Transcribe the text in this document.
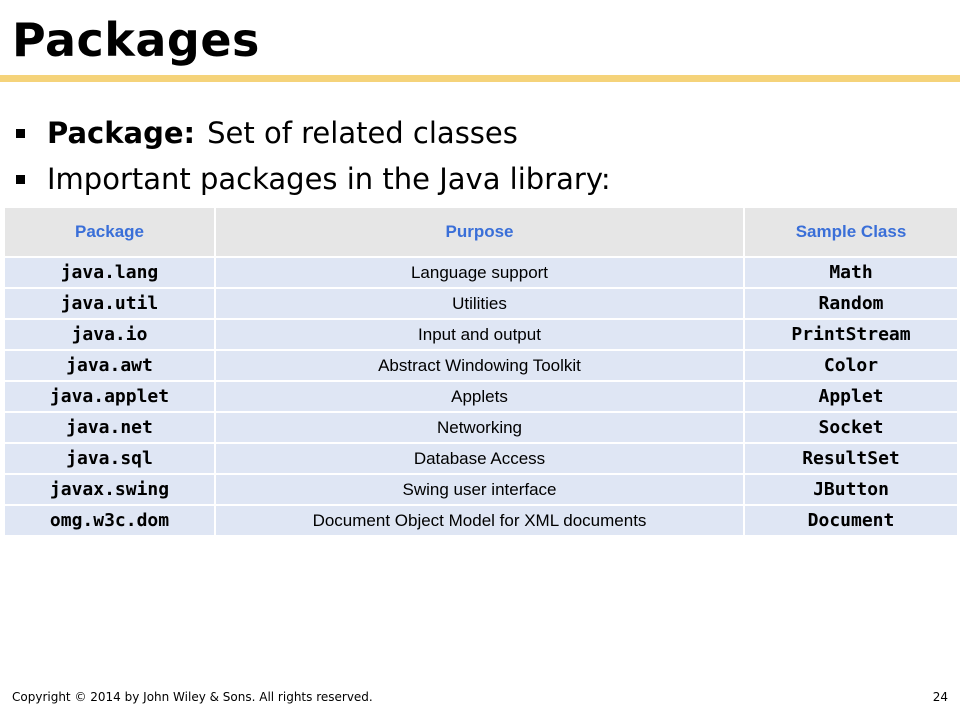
Packages
Package: Set of related classes
Important packages in the Java library:
Package	Purpose	Sample Class
java.lang	Language support	Math
java.util	Utilities	Random
java.io	Input and output	PrintStream
java.awt	Abstract Windowing Toolkit	Color
java.applet	Applets	Applet
java.net	Networking	Socket
java.sql	Database Access	ResultSet
javax.swing	Swing user interface	JButton
omg.w3c.dom	Document Object Model for XML documents	Document
Copyright © 2014 by John Wiley & Sons. All rights reserved.	24
